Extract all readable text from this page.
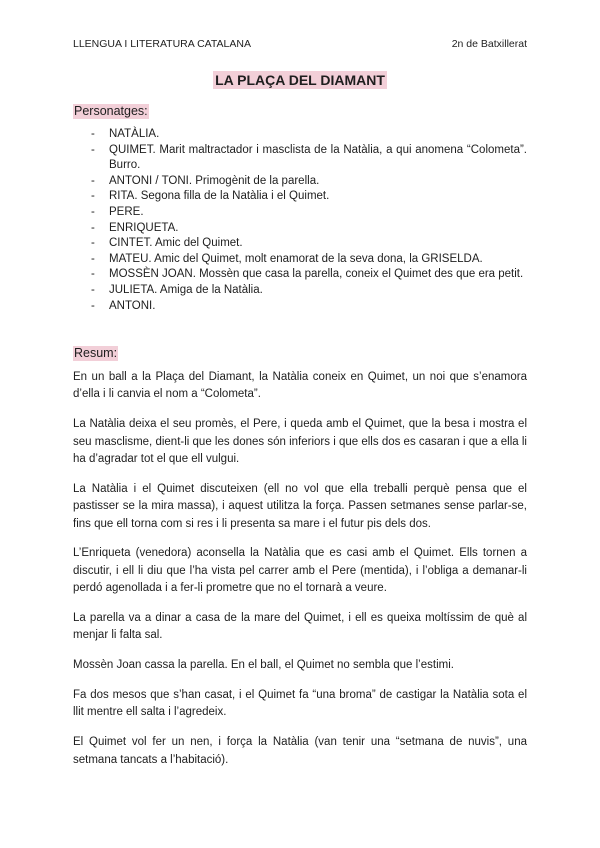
LLENGUA I LITERATURA CATALANA	2n de Batxillerat
LA PLAÇA DEL DIAMANT
Personatges:
- NATÀLIA.
- QUIMET. Marit maltractador i masclista de la Natàlia, a qui anomena “Colometa”. Burro.
- ANTONI / TONI. Primogènit de la parella.
- RITA. Segona filla de la Natàlia i el Quimet.
- PERE.
- ENRIQUETA.
- CINTET. Amic del Quimet.
- MATEU. Amic del Quimet, molt enamorat de la seva dona, la GRISELDA.
- MOSSÈN JOAN. Mossèn que casa la parella, coneix el Quimet des que era petit.
- JULIETA. Amiga de la Natàlia.
- ANTONI.
Resum:

En un ball a la Plaça del Diamant, la Natàlia coneix en Quimet, un noi que s’enamora d’ella i li canvia el nom a “Colometa”.

La Natàlia deixa el seu promès, el Pere, i queda amb el Quimet, que la besa i mostra el seu masclisme, dient-li que les dones són inferiors i que ells dos es casaran i que a ella li ha d’agradar tot el que ell vulgui.

La Natàlia i el Quimet discuteixen (ell no vol que ella treballi perquè pensa que el pastisser se la mira massa), i aquest utilitza la força. Passen setmanes sense parlar-se, fins que ell torna com si res i li presenta sa mare i el futur pis dels dos.

L’Enriqueta (venedora) aconsella la Natàlia que es casi amb el Quimet. Ells tornen a discutir, i ell li diu que l’ha vista pel carrer amb el Pere (mentida), i l’obliga a demanar-li perdó agenollada i a fer-li prometre que no el tornarà a veure.

La parella va a dinar a casa de la mare del Quimet, i ell es queixa moltíssim de què al menjar li falta sal.

Mossèn Joan cassa la parella. En el ball, el Quimet no sembla que l’estimi.

Fa dos mesos que s’han casat, i el Quimet fa “una broma” de castigar la Natàlia sota el llit mentre ell salta i l’agredeix.

El Quimet vol fer un nen, i força la Natàlia (van tenir una “setmana de nuvis”, una setmana tancats a l’habitació).
